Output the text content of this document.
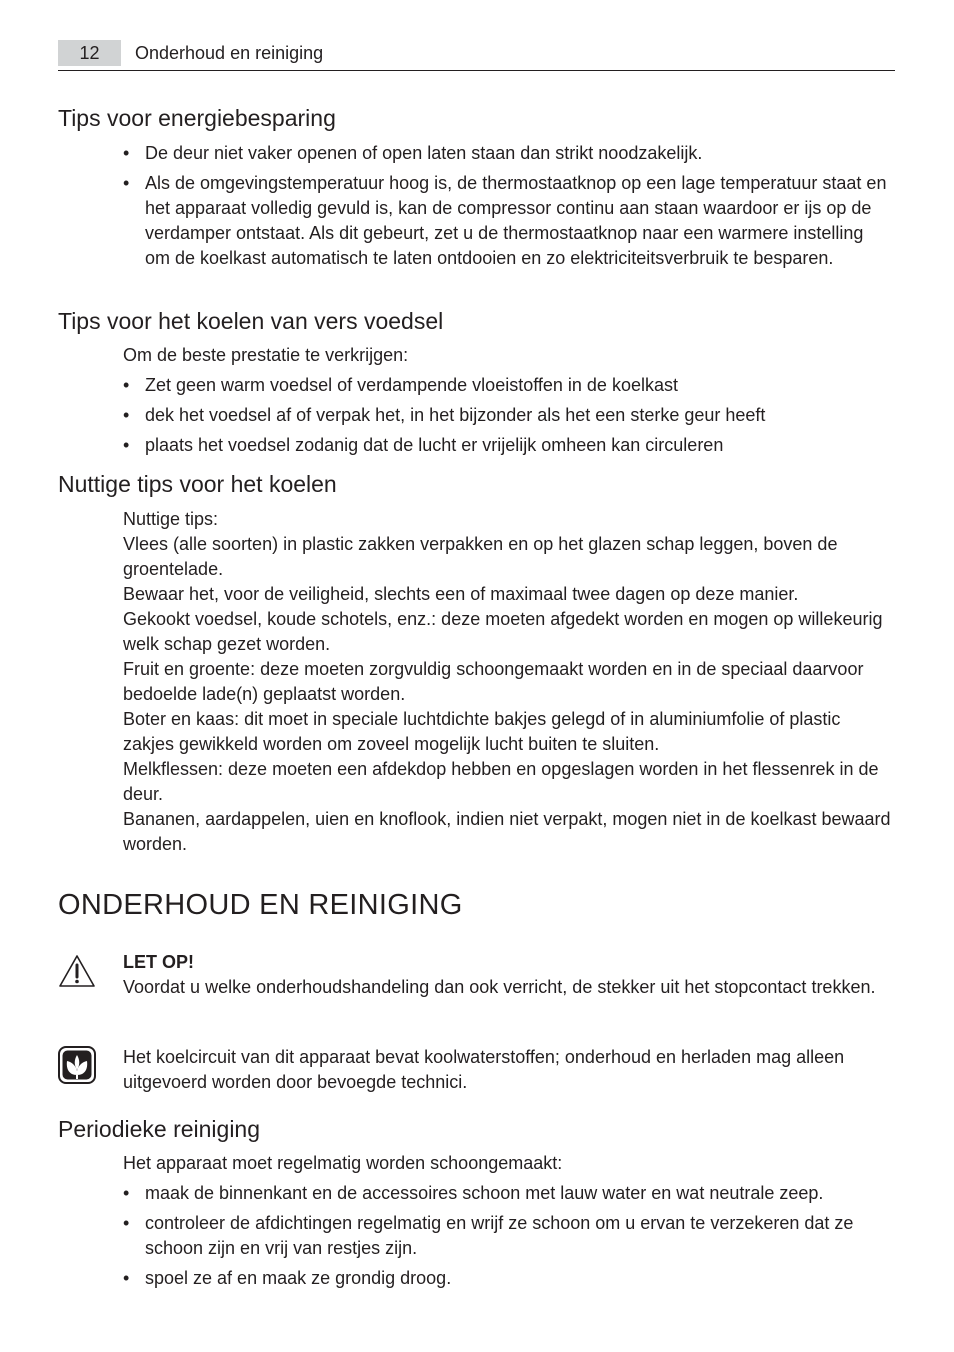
12	Onderhoud en reiniging
Tips voor energiebesparing
• De deur niet vaker openen of open laten staan dan strikt noodzakelijk.
• Als de omgevingstemperatuur hoog is, de thermostaatknop op een lage temperatuur staat en het apparaat volledig gevuld is, kan de compressor continu aan staan waardoor er ijs op de verdamper ontstaat. Als dit gebeurt, zet u de thermostaatknop naar een warmere instelling om de koelkast automatisch te laten ontdooien en zo elektriciteitsverbruik te besparen.
Tips voor het koelen van vers voedsel

Om de beste prestatie te verkrijgen:

• Zet geen warm voedsel of verdampende vloeistoffen in de koelkast
• dek het voedsel af of verpak het, in het bijzonder als het een sterke geur heeft
• plaats het voedsel zodanig dat de lucht er vrijelijk omheen kan circuleren
Nuttige tips voor het koelen
Nuttige tips:
Vlees (alle soorten) in plastic zakken verpakken en op het glazen schap leggen, boven de groentelade.
Bewaar het, voor de veiligheid, slechts een of maximaal twee dagen op deze manier.
Gekookt voedsel, koude schotels, enz.: deze moeten afgedekt worden en mogen op willekeurig welk schap gezet worden.
Fruit en groente: deze moeten zorgvuldig schoongemaakt worden en in de speciaal daarvoor bedoelde lade(n) geplaatst worden.
Boter en kaas: dit moet in speciale luchtdichte bakjes gelegd of in aluminiumfolie of plastic zakjes gewikkeld worden om zoveel mogelijk lucht buiten te sluiten.
Melkflessen: deze moeten een afdekdop hebben en opgeslagen worden in het flessenrek in de deur.
Bananen, aardappelen, uien en knoflook, indien niet verpakt, mogen niet in de koelkast bewaard worden.
ONDERHOUD EN REINIGING
LET OP!
Voordat u welke onderhoudshandeling dan ook verricht, de stekker uit het stopcontact trekken.

Het koelcircuit van dit apparaat bevat koolwaterstoffen; onderhoud en herladen mag alleen uitgevoerd worden door bevoegde technici.

Periodieke reiniging

Het apparaat moet regelmatig worden schoongemaakt:

• maak de binnenkant en de accessoires schoon met lauw water en wat neutrale zeep.
• controleer de afdichtingen regelmatig en wrijf ze schoon om u ervan te verzekeren dat ze schoon zijn en vrij van restjes zijn.
• spoel ze af en maak ze grondig droog.
